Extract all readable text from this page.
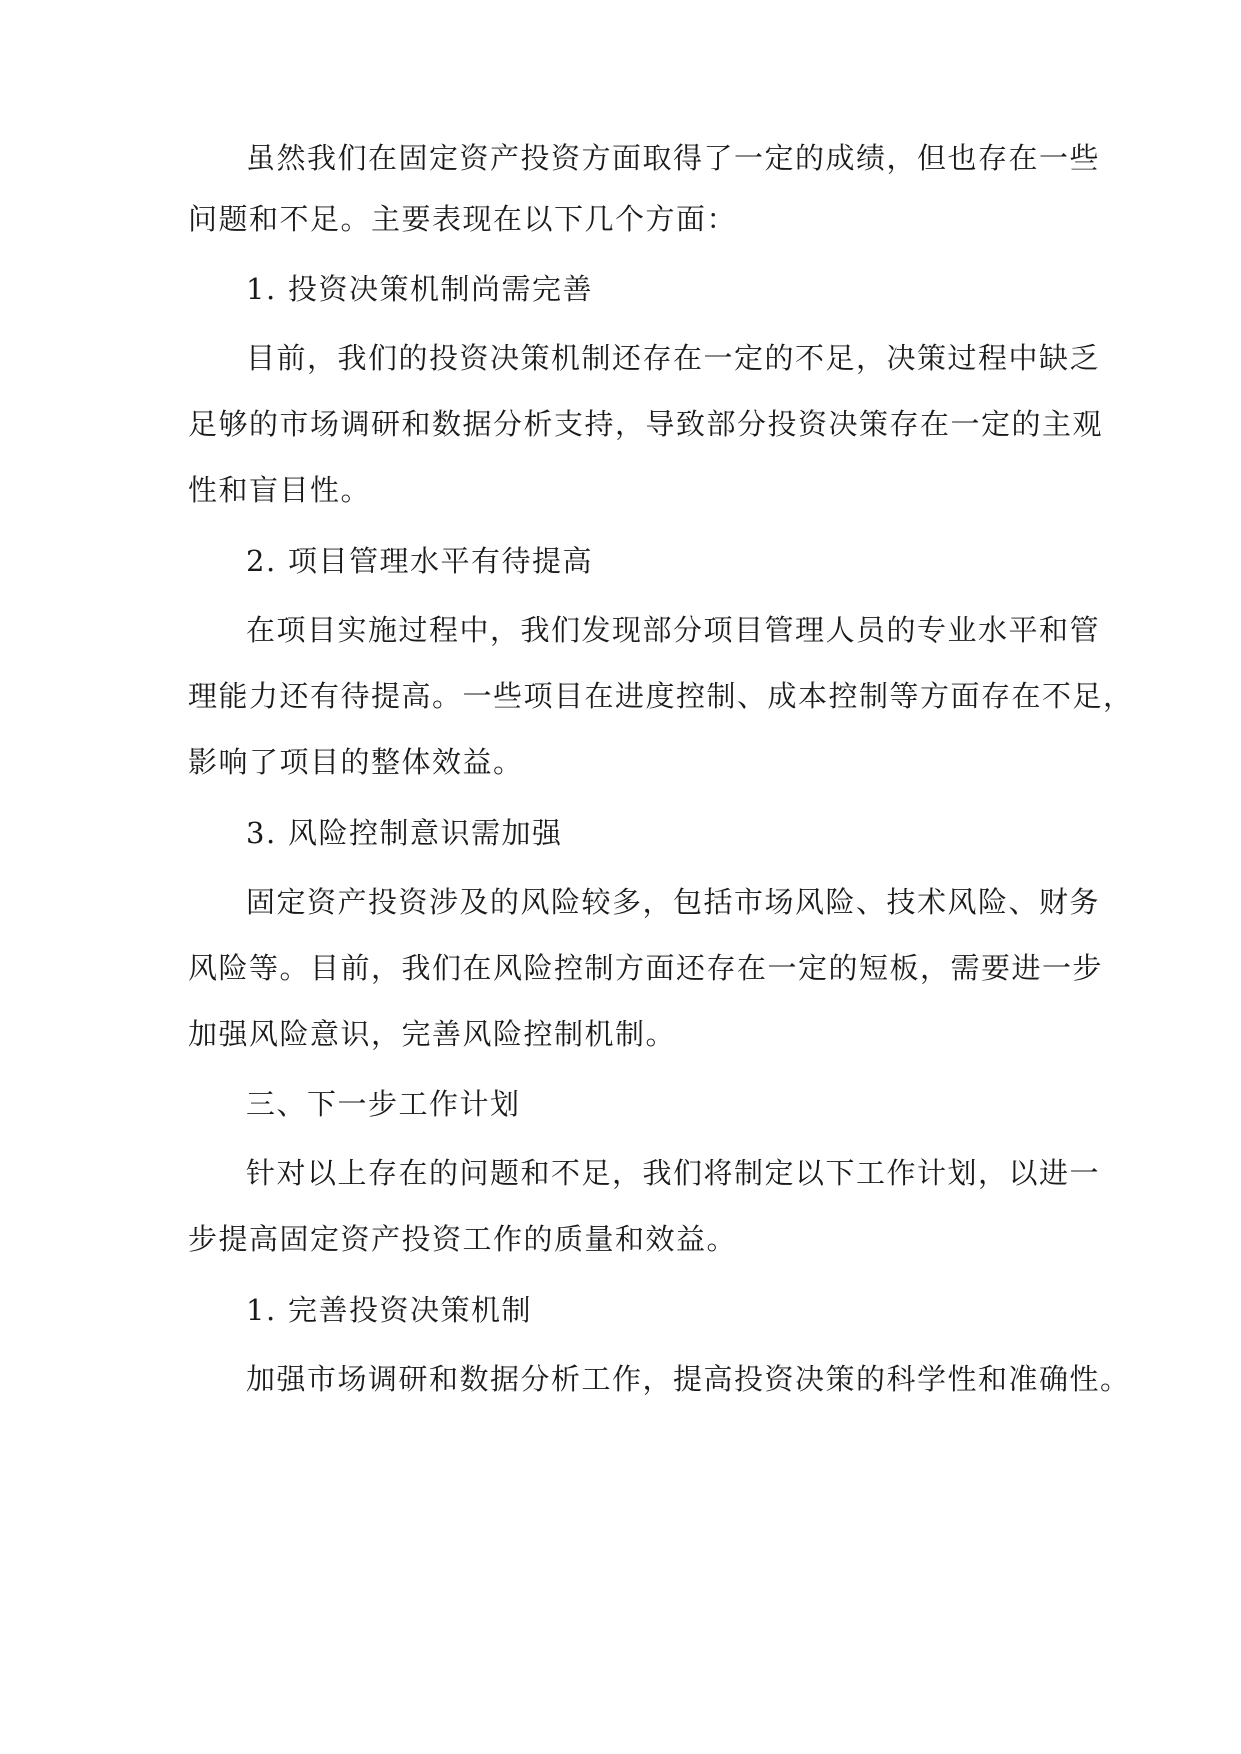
虽然我们在固定资产投资方面取得了一定的成绩，但也存在一些
问题和不足。主要表现在以下几个方面：
1. 投资决策机制尚需完善
目前，我们的投资决策机制还存在一定的不足，决策过程中缺乏
足够的市场调研和数据分析支持，导致部分投资决策存在一定的主观
性和盲目性。
2. 项目管理水平有待提高
在项目实施过程中，我们发现部分项目管理人员的专业水平和管
理能力还有待提高。一些项目在进度控制、成本控制等方面存在不足，
影响了项目的整体效益。
3. 风险控制意识需加强
固定资产投资涉及的风险较多，包括市场风险、技术风险、财务
风险等。目前，我们在风险控制方面还存在一定的短板，需要进一步
加强风险意识，完善风险控制机制。
三、下一步工作计划
针对以上存在的问题和不足，我们将制定以下工作计划，以进一
步提高固定资产投资工作的质量和效益。
1. 完善投资决策机制
加强市场调研和数据分析工作，提高投资决策的科学性和准确性。
